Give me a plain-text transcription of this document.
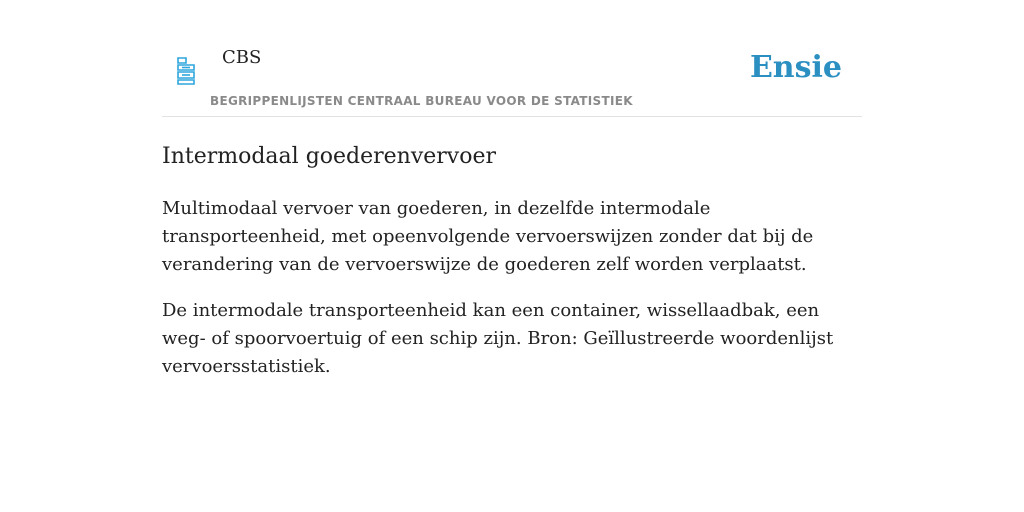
CBS	Ensie
BEGRIPPENLIJSTEN CENTRAAL BUREAU VOOR DE STATISTIEK
Intermodaal goederenvervoer

Multimodaal vervoer van goederen, in dezelfde intermodale transporteenheid, met opeenvolgende vervoerswijzen zonder dat bij de verandering van de vervoerswijze de goederen zelf worden verplaatst.

De intermodale transporteenheid kan een container, wissellaadbak, een weg- of spoorvoertuig of een schip zijn. Bron: Geïllustreerde woordenlijst vervoersstatistiek.
